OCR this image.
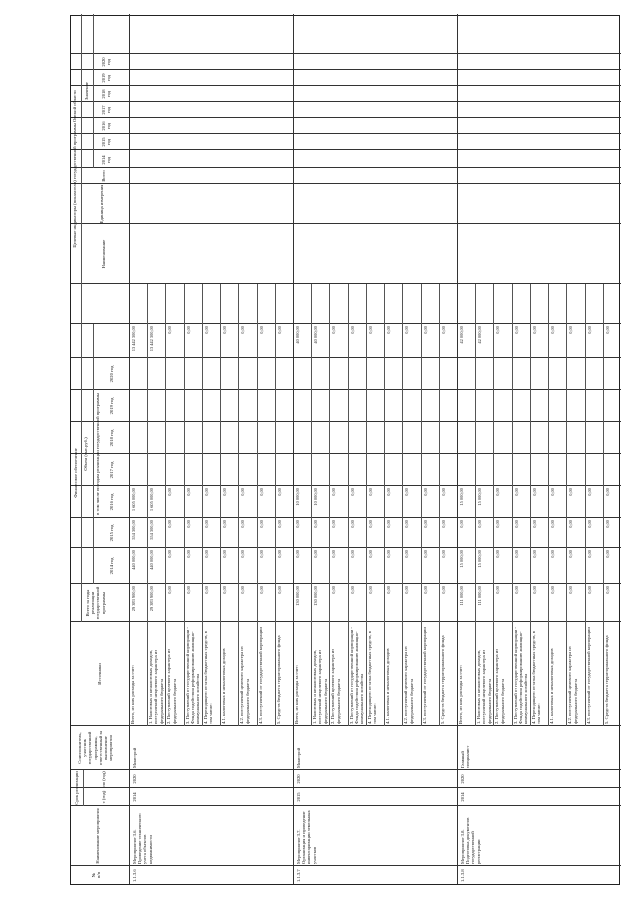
№
п/п
Наименование мероприятия
Срок реализации	с (год)
по (год)
Соисполнитель, участник государственной программы, ответственный за выполнение мероприятия
Источники
Финансовое обеспечение
Всего за годы реализации государственной программы
Объем (тыс.руб.)	в том числе по годам реализации государственной программы
Целевые индикаторы (показатели) государственной программы Омской области
Наименование
Единица измерения
Значение
Всего
2014 год
2015 год
2016 год
2017 год
2018 год
2019 год
2020 год
2014 год
2015 год
2016 год
2017 год
2018 год
2019 год
2020 год
1.1.3.6
Мероприятие 3.6. Проведение технического учета объектов недвижимости
2014
2020
Минстрой
Всего, из них расходы за счет:
29 383 900,00
440 000,00
554 300,00
1 605 000,00
13 442 300,00
1. Налоговых и неналоговых доходов, поступлений нецелевого характера из федерального бюджета
29 383 900,00
440 000,00
554 300,00
1 605 000,00
13 442 300,00
2. Поступлений целевого характера из федерального бюджета
0,00
0,00
0,00
0,00
0,00
3. Поступлений от государственной корпорации - Фонда содействия реформированию жилищно-коммунального хозяйства
0,00
0,00
0,00
0,00
0,00
4. Переходящего остатка бюджетных средств, в том числе:
0,00
0,00
0,00
0,00
0,00
4.1. налоговых и неналоговых доходов
0,00
0,00
0,00
0,00
0,00
4.2. поступлений целевого характера из федерального бюджета
0,00
0,00
0,00
0,00
0,00
4.3. поступлений от государственной корпорации
0,00
0,00
0,00
0,00
0,00
5. Средств бюджета территориального фонда
0,00
0,00
0,00
0,00
0,00
1.1.3.7
Мероприятие 3.7. Организация и проведение инвентаризации земельных участков
2015
2020
Минстрой
Всего, из них расходы за счет:
130 000,00
0,00
0,00
10 000,00
40 000,00
1. Налоговых и неналоговых доходов, поступлений нецелевого характера из федерального бюджета
130 000,00
0,00
0,00
10 000,00
40 000,00
2. Поступлений целевого характера из федерального бюджета
0,00
0,00
0,00
0,00
0,00
3. Поступлений от государственной корпорации - Фонда содействия реформированию жилищно-коммунального хозяйства
0,00
0,00
0,00
0,00
0,00
4. Переходящего остатка бюджетных средств, в том числе:
0,00
0,00
0,00
0,00
0,00
4.1. налоговых и неналоговых доходов
0,00
0,00
0,00
0,00
0,00
4.2. поступлений целевого характера из федерального бюджета
0,00
0,00
0,00
0,00
0,00
4.3. поступлений от государственной корпорации
0,00
0,00
0,00
0,00
0,00
5. Средств бюджета территориального фонда
0,00
0,00
0,00
0,00
0,00
1.1.3.8
Мероприятие 3.8. Подготовка документов государственной регистрации
2014
2020
Главный специалист
Всего, из них расходы за счет:
111 000,00
15 000,00
0,00
15 000,00
42 000,00
1. Налоговых и неналоговых доходов, поступлений нецелевого характера из федерального бюджета
111 000,00
15 000,00
0,00
15 000,00
42 000,00
2. Поступлений целевого характера из федерального бюджета
0,00
0,00
0,00
0,00
0,00
3. Поступлений от государственной корпорации - Фонда содействия реформированию жилищно-коммунального хозяйства
0,00
0,00
0,00
0,00
0,00
4. Переходящего остатка бюджетных средств, в том числе:
0,00
0,00
0,00
0,00
0,00
4.1. налоговых и неналоговых доходов
0,00
0,00
0,00
0,00
0,00
4.2. поступлений целевого характера из федерального бюджета
0,00
0,00
0,00
0,00
0,00
4.3. поступлений от государственной корпорации
0,00
0,00
0,00
0,00
0,00
5. Средств бюджета территориального фонда
0,00
0,00
0,00
0,00
0,00
